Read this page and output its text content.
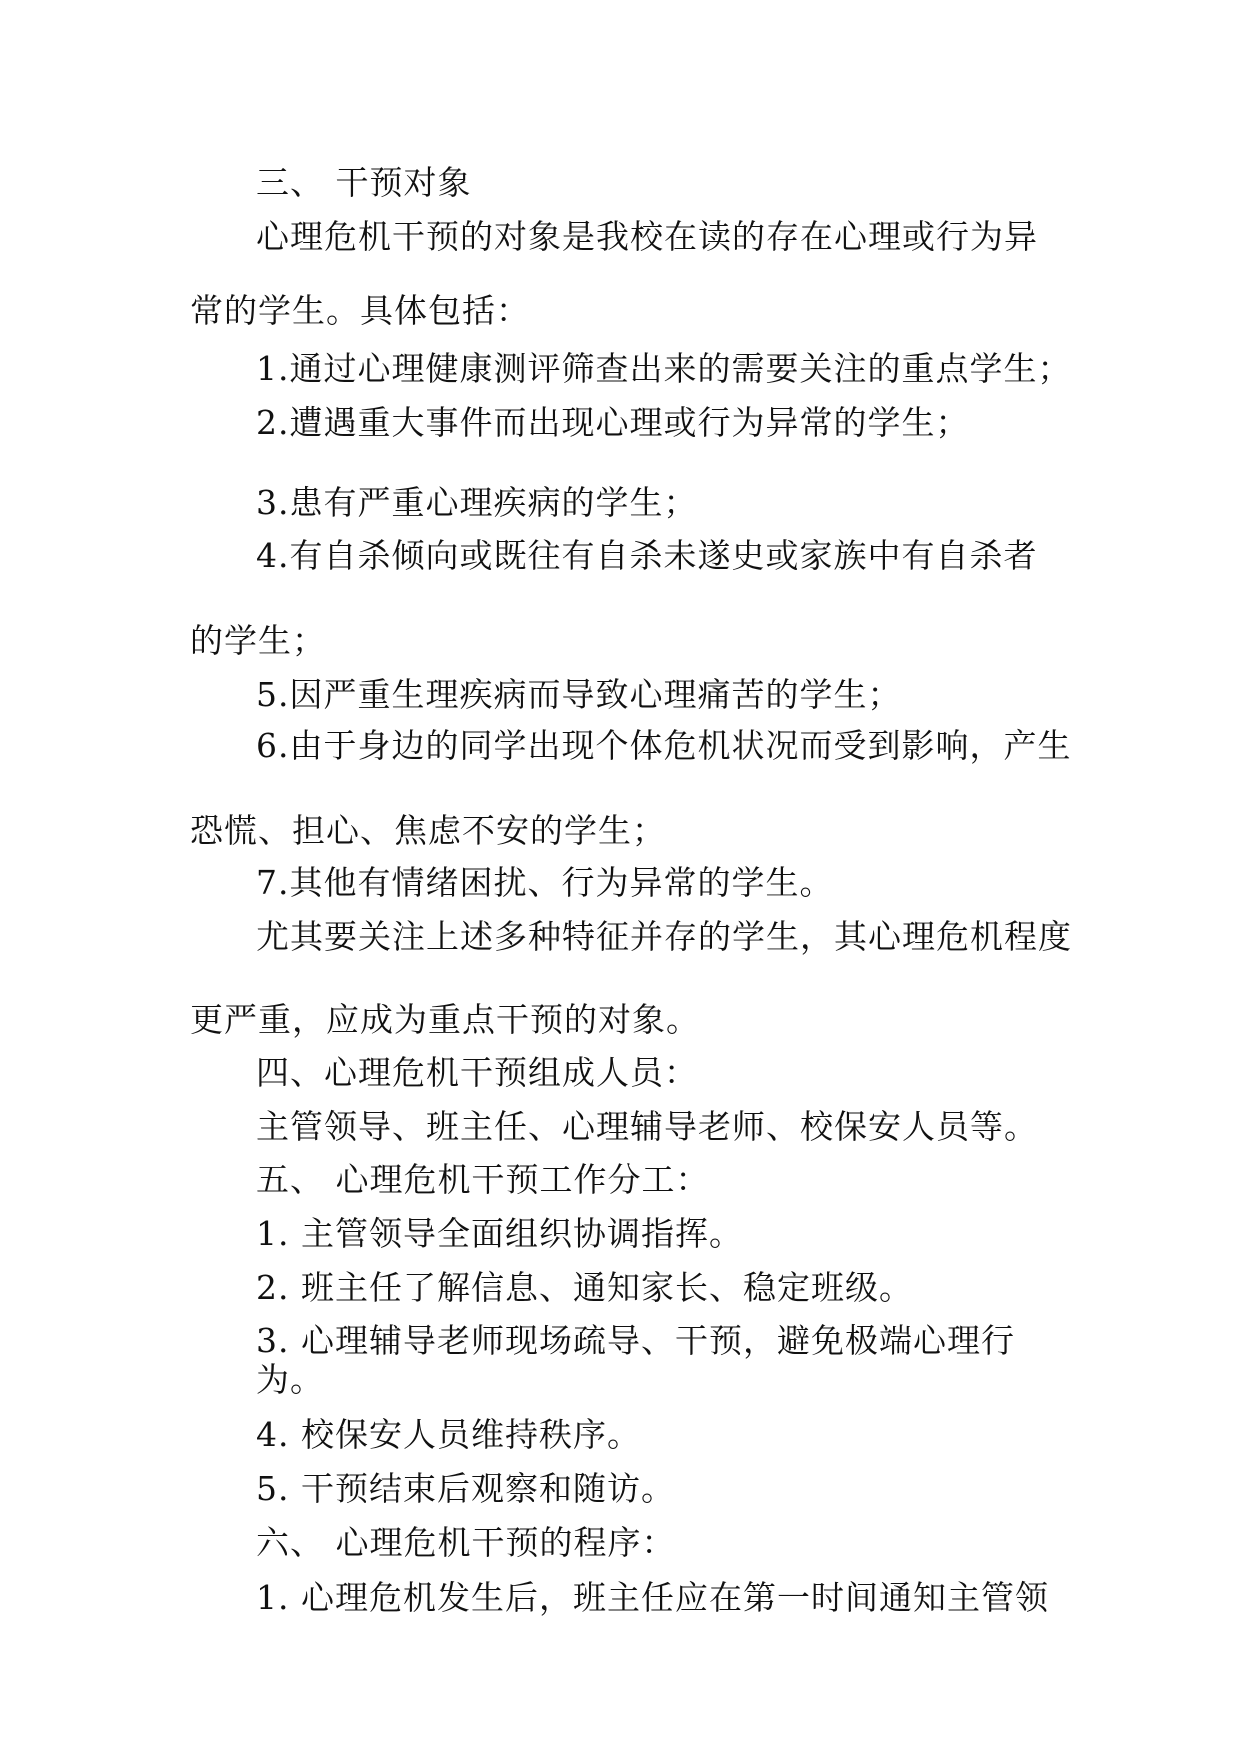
三、 干预对象
心理危机干预的对象是我校在读的存在心理或行为异
常的学生。具体包括：
1.通过心理健康测评筛查出来的需要关注的重点学生；
2.遭遇重大事件而出现心理或行为异常的学生；
3.患有严重心理疾病的学生；
4.有自杀倾向或既往有自杀未遂史或家族中有自杀者
的学生；
5.因严重生理疾病而导致心理痛苦的学生；
6.由于身边的同学出现个体危机状况而受到影响，产生
恐慌、担心、焦虑不安的学生；
7.其他有情绪困扰、行为异常的学生。
尤其要关注上述多种特征并存的学生，其心理危机程度
更严重，应成为重点干预的对象。
四、心理危机干预组成人员：
主管领导、班主任、心理辅导老师、校保安人员等。
五、 心理危机干预工作分工：
1. 主管领导全面组织协调指挥。
2. 班主任了解信息、通知家长、稳定班级。
3. 心理辅导老师现场疏导、干预，避免极端心理行
为。
4. 校保安人员维持秩序。
5. 干预结束后观察和随访。
六、 心理危机干预的程序：
1. 心理危机发生后，班主任应在第一时间通知主管领
